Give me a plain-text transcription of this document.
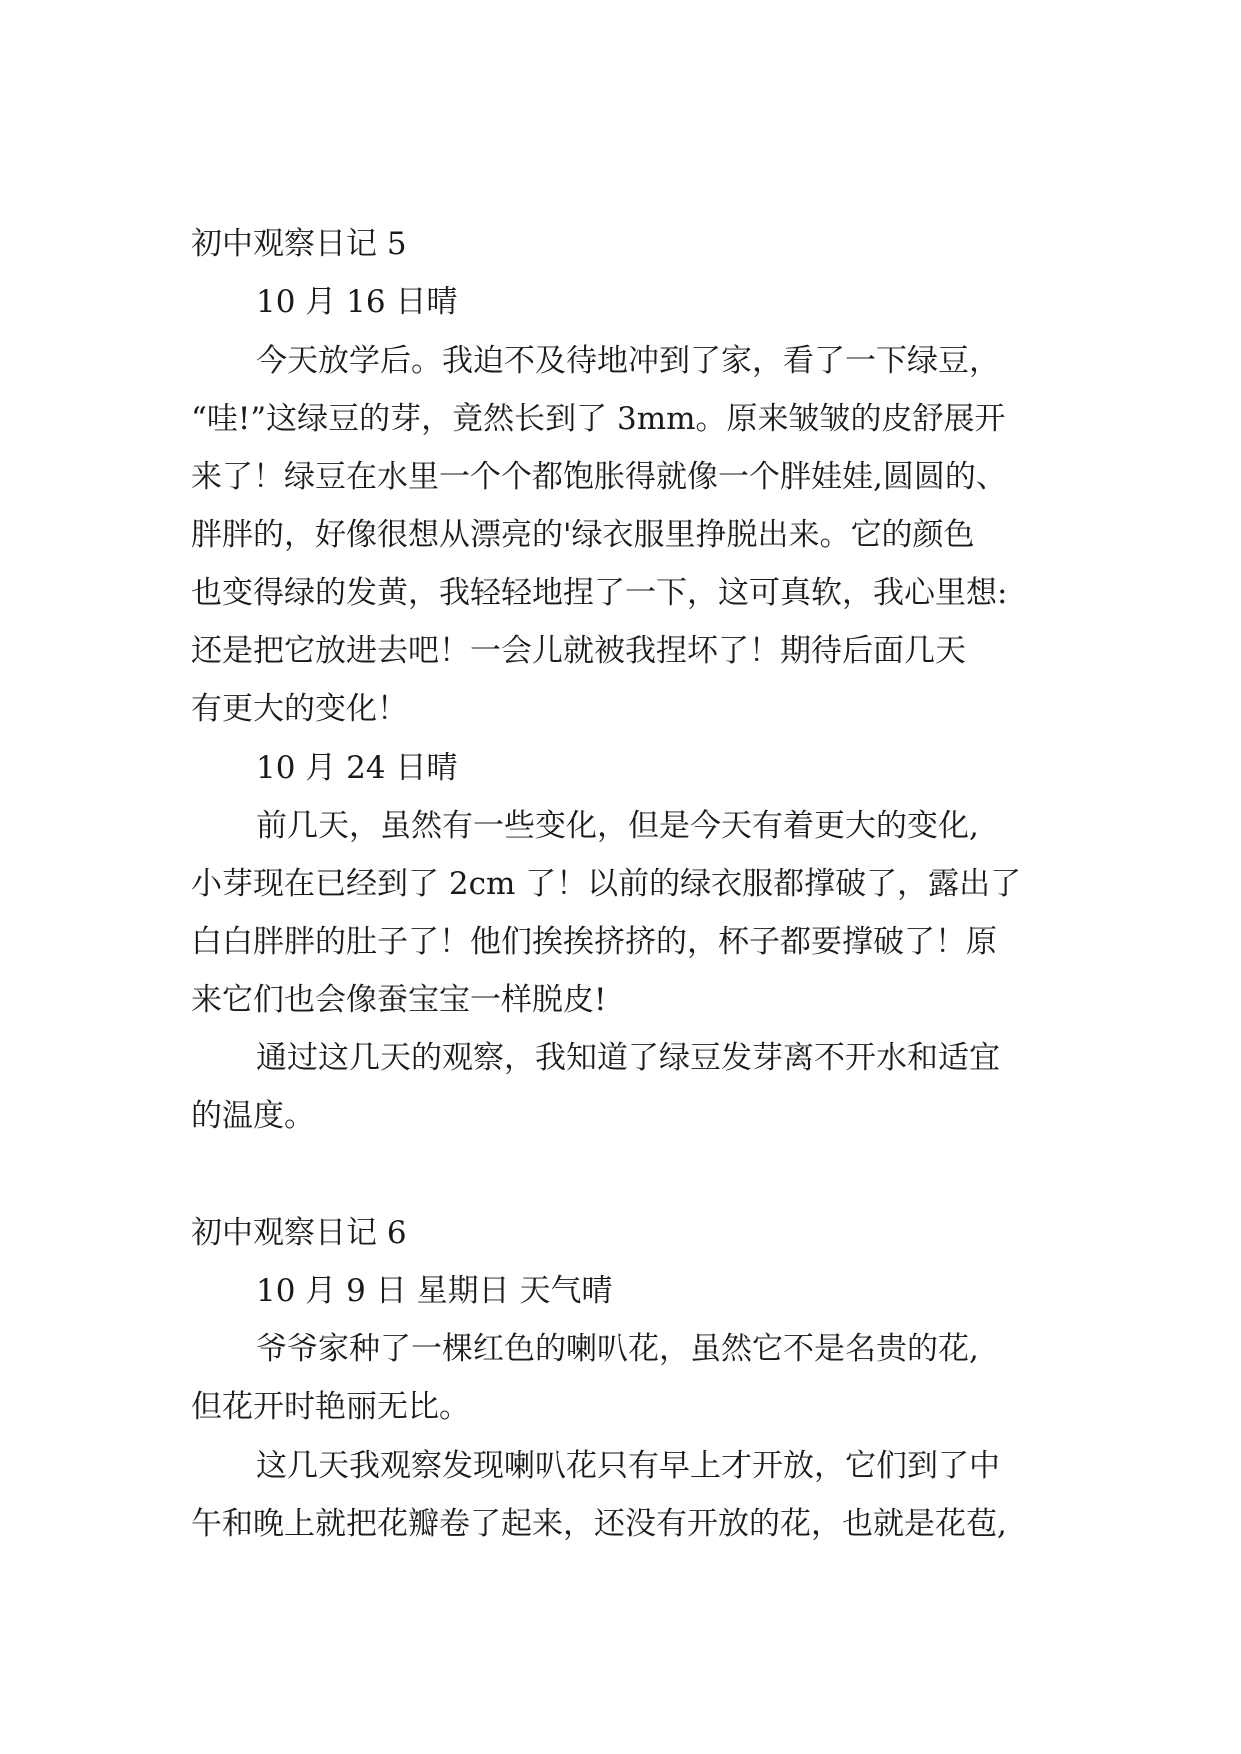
初中观察日记 5
10 月 16 日晴
今天放学后。我迫不及待地冲到了家，看了一下绿豆，
“哇!”这绿豆的芽，竟然长到了 3mm。原来皱皱的皮舒展开
来了！绿豆在水里一个个都饱胀得就像一个胖娃娃,圆圆的、
胖胖的，好像很想从漂亮的'绿衣服里挣脱出来。它的颜色
也变得绿的发黄，我轻轻地捏了一下，这可真软，我心里想:
还是把它放进去吧！一会儿就被我捏坏了！期待后面几天
有更大的变化！
10 月 24 日晴
前几天，虽然有一些变化，但是今天有着更大的变化,
小芽现在已经到了 2cm 了！以前的绿衣服都撑破了，露出了
白白胖胖的肚子了！他们挨挨挤挤的，杯子都要撑破了！原
来它们也会像蚕宝宝一样脱皮!
通过这几天的观察，我知道了绿豆发芽离不开水和适宜
的温度。
初中观察日记 6
10 月 9 日 星期日 天气晴
爷爷家种了一棵红色的喇叭花，虽然它不是名贵的花,
但花开时艳丽无比。
这几天我观察发现喇叭花只有早上才开放，它们到了中
午和晚上就把花瓣卷了起来，还没有开放的花，也就是花苞,
